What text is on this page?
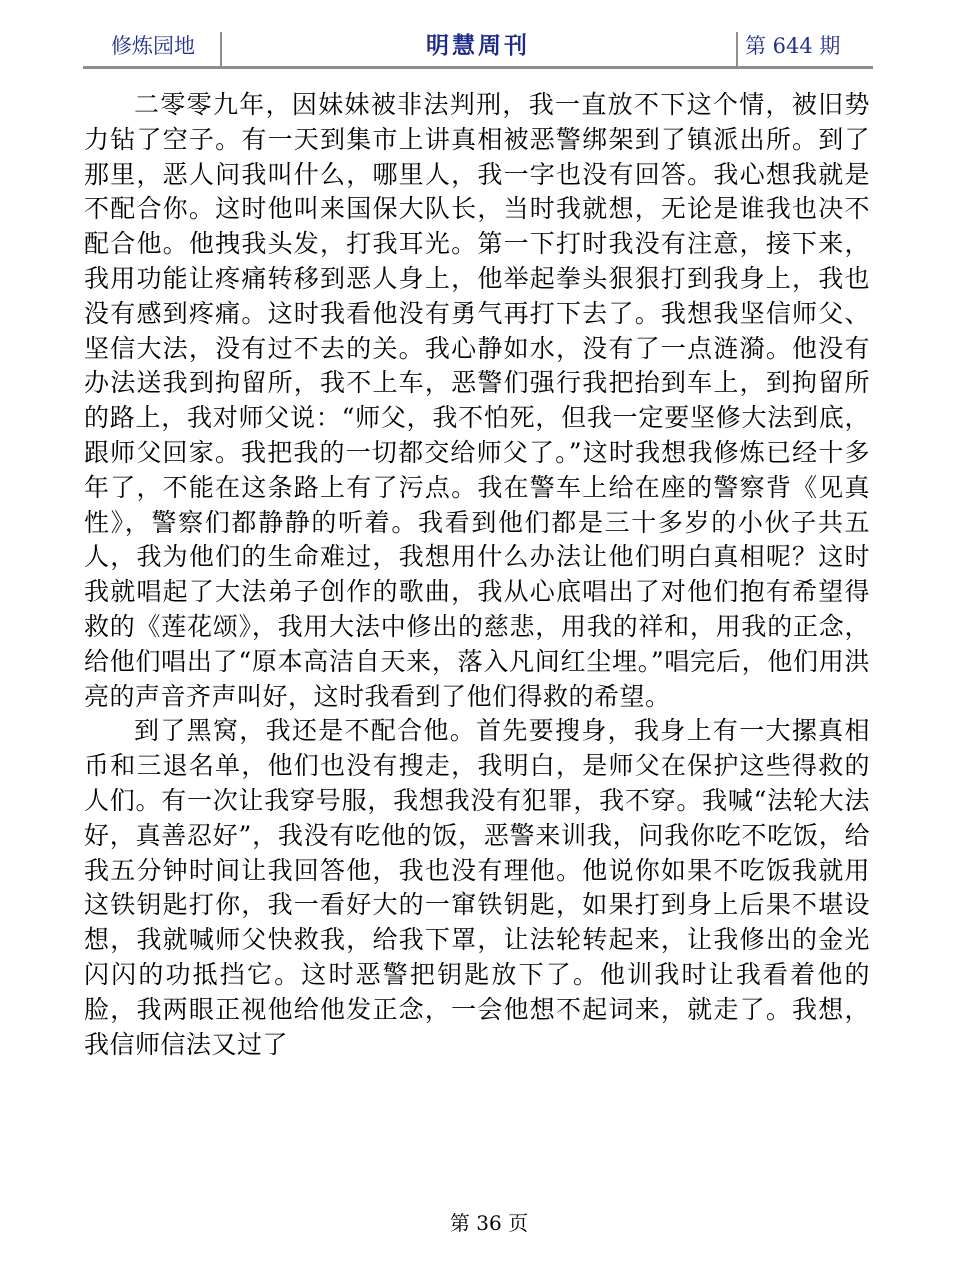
修炼园地	明慧周刊	第 644 期

二零零九年，因妹妹被非法判刑，我一直放不下这个情，被旧势力钻了空子。有一天到集市上讲真相被恶警绑架到了镇派出所。到了那里，恶人问我叫什么，哪里人，我一字也没有回答。我心想我就是不配合你。这时他叫来国保大队长，当时我就想，无论是谁我也决不配合他。他拽我头发，打我耳光。第一下打时我没有注意，接下来，我用功能让疼痛转移到恶人身上，他举起拳头狠狠打到我身上，我也没有感到疼痛。这时我看他没有勇气再打下去了。我想我坚信师父、坚信大法，没有过不去的关。我心静如水，没有了一点涟漪。他没有办法送我到拘留所，我不上车，恶警们强行我把抬到车上，到拘留所的路上，我对师父说：“师父，我不怕死，但我一定要坚修大法到底，跟师父回家。我把我的一切都交给师父了。”这时我想我修炼已经十多年了，不能在这条路上有了污点。我在警车上给在座的警察背《见真性》，警察们都静静的听着。我看到他们都是三十多岁的小伙子共五人，我为他们的生命难过，我想用什么办法让他们明白真相呢？这时我就唱起了大法弟子创作的歌曲，我从心底唱出了对他们抱有希望得救的《莲花颂》，我用大法中修出的慈悲，用我的祥和，用我的正念，给他们唱出了“原本高洁自天来，落入凡间红尘埋。”唱完后，他们用洪亮的声音齐声叫好，这时我看到了他们得救的希望。

到了黑窝，我还是不配合他。首先要搜身，我身上有一大摞真相币和三退名单，他们也没有搜走，我明白，是师父在保护这些得救的人们。有一次让我穿号服，我想我没有犯罪，我不穿。我喊“法轮大法好，真善忍好”，我没有吃他的饭，恶警来训我，问我你吃不吃饭，给我五分钟时间让我回答他，我也没有理他。他说你如果不吃饭我就用这铁钥匙打你，我一看好大的一窜铁钥匙，如果打到身上后果不堪设想，我就喊师父快救我，给我下罩，让法轮转起来，让我修出的金光闪闪的功抵挡它。这时恶警把钥匙放下了。他训我时让我看着他的脸，我两眼正视他给他发正念，一会他想不起词来，就走了。我想，我信师信法又过了

第 36 页
